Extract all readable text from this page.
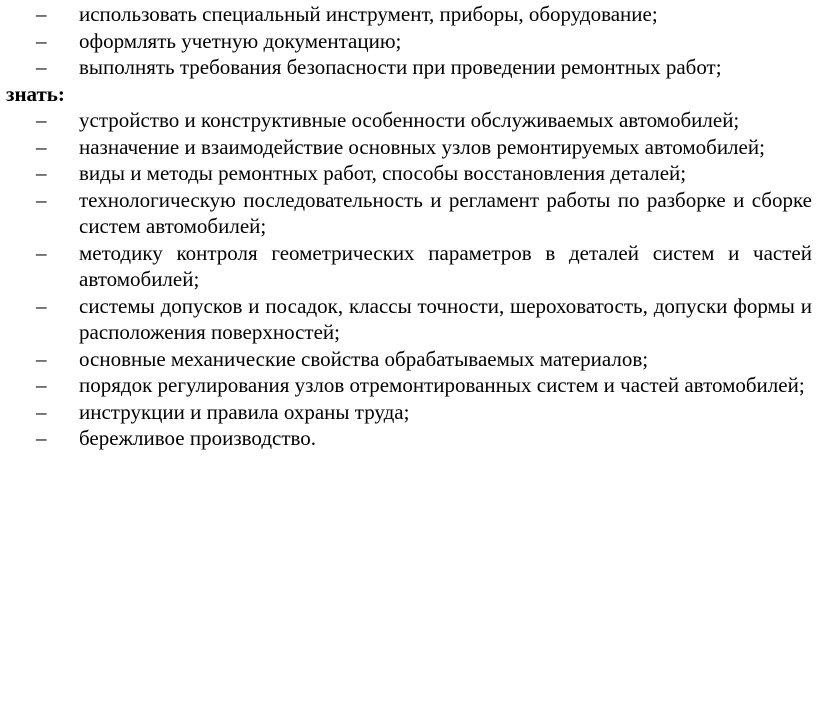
– использовать специальный инструмент, приборы, оборудование;
– оформлять учетную документацию;
– выполнять требования безопасности при проведении ремонтных работ;
знать:
– устройство и конструктивные особенности обслуживаемых автомобилей;
– назначение и взаимодействие основных узлов ремонтируемых автомобилей;
– виды и методы ремонтных работ, способы восстановления деталей;
– технологическую последовательность и регламент работы по разборке и сборке систем автомобилей;
– методику контроля геометрических параметров в деталей систем и частей автомобилей;
– системы допусков и посадок, классы точности, шероховатость, допуски формы и расположения поверхностей;
– основные механические свойства обрабатываемых материалов;
– порядок регулирования узлов отремонтированных систем и частей автомобилей;
– инструкции и правила охраны труда;
– бережливое производство.
